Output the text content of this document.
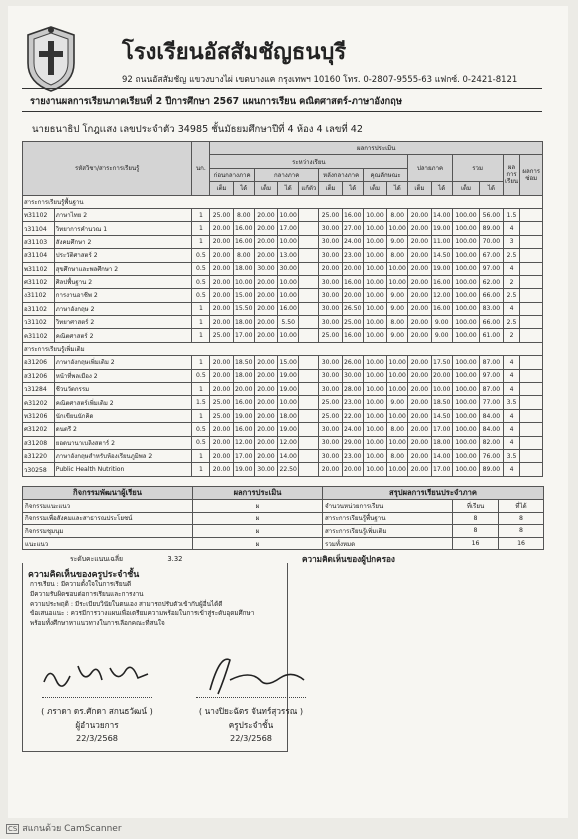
โรงเรียนอัสสัมชัญธนบุรี
92 ถนนอัสสัมชัญ แขวงบางไผ่ เขตบางแค กรุงเทพฯ 10160 โทร. 0-2807-9555-63 แฟกซ์. 0-2421-8121
รายงานผลการเรียนภาคเรียนที่ 2 ปีการศึกษา 2567 แผนการเรียน คณิตศาสตร์-ภาษาอังกฤษ
นายธนาธิป โกฎเเสง เลขประจำตัว 34985 ชั้นมัธยมศึกษาปีที่ 4 ห้อง 4 เลขที่ 42
รหัสวิชา/สาระการเรียนรู้		นก.	ผลการประเมิน														
			ระหว่างเรียน									ปลายภาค		รวม		ผลการเรียน	ผลการซ่อม
			ก่อนกลางภาค		กลางภาค			หลังกลางภาค		คุณลักษณะ							
			เต็ม	ได้	เต็ม	ได้	แก้ตัว	เต็ม	ได้	เต็ม	ได้	เต็ม	ได้	เต็ม	ได้		
สาระการเรียนรู้พื้นฐาน																	
ท31102	ภาษาไทย 2	1	25.00	8.00	20.00	10.00		25.00	16.00	10.00	8.00	20.00	14.00	100.00	56.00	1.5	
ว31104	วิทยาการคำนวณ 1	1	20.00	16.00	20.00	17.00		30.00	27.00	10.00	10.00	20.00	19.00	100.00	89.00	4	
ส31103	สังคมศึกษา 2	1	20.00	16.00	20.00	10.00		30.00	24.00	10.00	9.00	20.00	11.00	100.00	70.00	3	
ส31104	ประวัติศาสตร์ 2	0.5	20.00	8.00	20.00	13.00		30.00	23.00	10.00	8.00	20.00	14.50	100.00	67.00	2.5	
พ31102	สุขศึกษาและพลศึกษา 2	0.5	20.00	18.00	30.00	30.00		20.00	20.00	10.00	10.00	20.00	19.00	100.00	97.00	4	
ศ31102	ศิลปพื้นฐาน 2	0.5	20.00	10.00	20.00	10.00		30.00	16.00	10.00	10.00	20.00	16.00	100.00	62.00	2	
ง31102	การงานอาชีพ 2	0.5	20.00	15.00	20.00	10.00		30.00	20.00	10.00	9.00	20.00	12.00	100.00	66.00	2.5	
อ31102	ภาษาอังกฤษ 2	1	20.00	15.50	20.00	16.00		30.00	26.50	10.00	9.00	20.00	16.00	100.00	83.00	4	
ว31102	วิทยาศาสตร์ 2	1	20.00	18.00	20.00	5.50		30.00	25.00	10.00	8.00	20.00	9.00	100.00	66.00	2.5	
ค31102	คณิตศาสตร์ 2	1	25.00	17.00	20.00	10.00		25.00	16.00	10.00	9.00	20.00	9.00	100.00	61.00	2	
สาระการเรียนรู้เพิ่มเติม																	
อ31206	ภาษาอังกฤษเพิ่มเติม 2	1	20.00	18.50	20.00	15.00		30.00	26.00	10.00	10.00	20.00	17.50	100.00	87.00	4	
ส31206	หน้าที่พลเมือง 2	0.5	20.00	18.00	20.00	19.00		30.00	30.00	10.00	10.00	20.00	20.00	100.00	97.00	4	
ว31284	ชีวนวัตกรรม	1	20.00	20.00	20.00	19.00		30.00	28.00	10.00	10.00	20.00	10.00	100.00	87.00	4	
ค31202	คณิตศาสตร์เพิ่มเติม 2	1.5	25.00	16.00	20.00	10.00		25.00	23.00	10.00	9.00	20.00	18.50	100.00	77.00	3.5	
ท31206	นักเขียนนักคิด	1	25.00	19.00	20.00	18.00		25.00	22.00	10.00	10.00	20.00	14.50	100.00	84.00	4	
ศ31202	ดนตรี 2	0.5	20.00	16.00	20.00	19.00		30.00	24.00	10.00	8.00	20.00	17.00	100.00	84.00	4	
ส31208	ยอดนานาเบลิงสตาร์ 2	0.5	20.00	12.00	20.00	12.00		30.00	29.00	10.00	10.00	20.00	18.00	100.00	82.00	4	
อ31220	ภาษาอังกฤษสำหรับห้องเรียนภูมิพล 2	1	20.00	17.00	20.00	14.00		30.00	23.00	10.00	8.00	20.00	14.00	100.00	76.00	3.5	
ว30258	Public Health Nutrition	1	20.00	19.00	30.00	22.50		20.00	20.00	10.00	10.00	20.00	17.00	100.00	89.00	4	
กิจกรรมพัฒนาผู้เรียน	ผลการประเมิน	สรุปผลการเรียนประจำภาค		
กิจกรรมแนะแนว	ผ	จำนวนหน่วยการเรียน	ที่เรียน	ที่ได้
กิจกรรมเพื่อสังคมและสาธารณประโยชน์	ผ	สาระการเรียนรู้พื้นฐาน	8	8
กิจกรรมชุมนุม	ผ	สาระการเรียนรู้เพิ่มเติม	8	8
แนะแนว	ผ	รวมทั้งหมด	16	16
ระดับคะแนนเฉลี่ย	3.32
ความคิดเห็นของครูประจำชั้น
การเรียน : มีความตั้งใจในการเรียนดี
มีความรับผิดชอบต่อการเรียนและการงาน
ความประพฤติ : มีระเบียบวินัยในตนเอง สามารถปรับตัวเข้ากับผู้อื่นได้ดี
ข้อเสนอแนะ : ควรมีการวางแผนเพื่อเตรียมความพร้อมในการเข้าสู่ระดับอุดมศึกษา
พร้อมทั้งศึกษาหาแนวทางในการเลือกคณะที่สนใจ
ความคิดเห็นของผู้ปกครอง
( ภราดา ดร.ศักดา สกนธวัฒน์ )
ผู้อำนวยการ
22/3/2568
( นางปิยะฉัตร จันทร์สุวรรณ )
ครูประจำชั้น
22/3/2568
CS สแกนด้วย CamScanner
